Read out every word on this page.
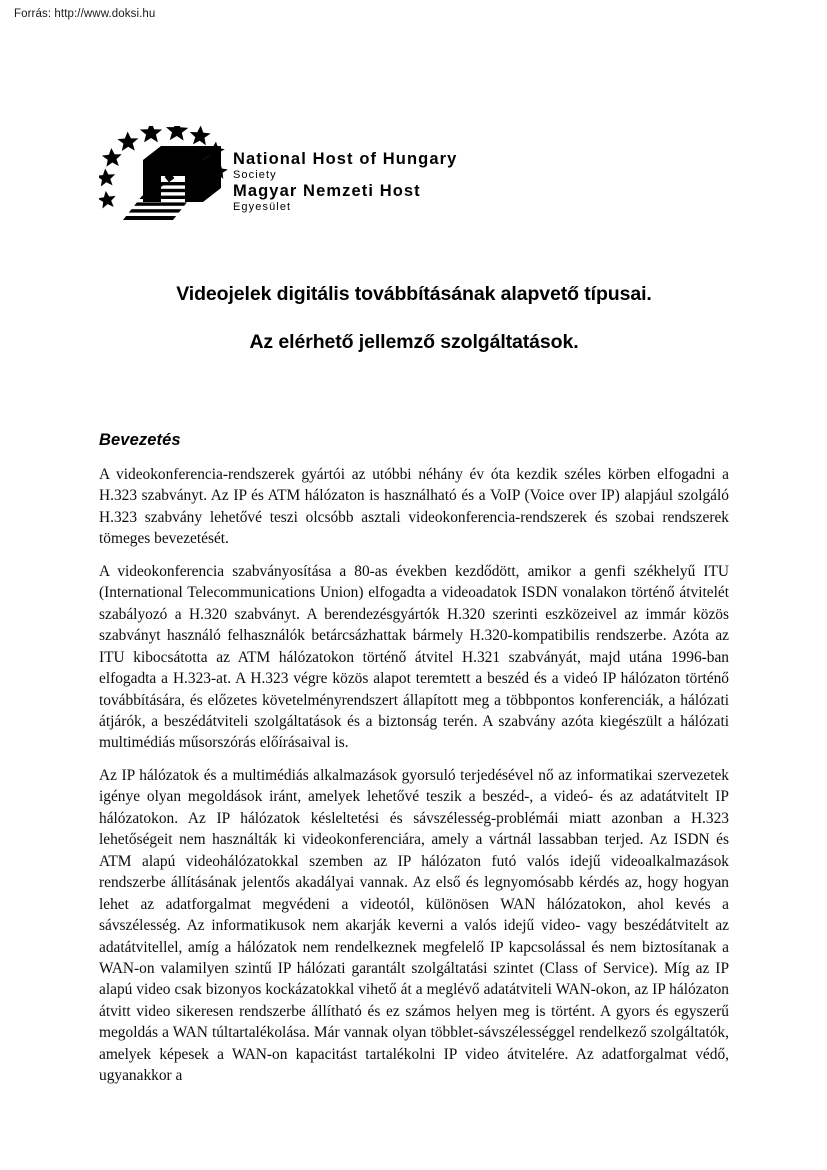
Forrás: http://www.doksi.hu
National Host of Hungary
Society
Magyar Nemzeti Host
Egyesület
Videojelek digitális továbbításának alapvető típusai.
Az elérhető jellemző szolgáltatások.
Bevezetés

A videokonferencia-rendszerek gyártói az utóbbi néhány év óta kezdik széles körben elfogadni a H.323 szabványt. Az IP és ATM hálózaton is használható és a VoIP (Voice over IP) alapjául szolgáló H.323 szabvány lehetővé teszi olcsóbb asztali videokonferencia-rendszerek és szobai rendszerek tömeges bevezetését.

A videokonferencia szabványosítása a 80-as években kezdődött, amikor a genfi székhelyű ITU (International Telecommunications Union) elfogadta a videoadatok ISDN vonalakon történő átvitelét szabályozó a H.320 szabványt. A berendezésgyártók H.320 szerinti eszközeivel az immár közös szabványt használó felhasználók betárcsázhattak bármely H.320-kompatibilis rendszerbe. Azóta az ITU kibocsátotta az ATM hálózatokon történő átvitel H.321 szabványát, majd utána 1996-ban elfogadta a H.323-at. A H.323 végre közös alapot teremtett a beszéd és a videó IP hálózaton történő továbbítására, és előzetes követelményrendszert állapított meg a többpontos konferenciák, a hálózati átjárók, a beszédátviteli szolgáltatások és a biztonság terén. A szabvány azóta kiegészült a hálózati multimédiás műsorszórás előírásaival is.

Az IP hálózatok és a multimédiás alkalmazások gyorsuló terjedésével nő az informatikai szervezetek igénye olyan megoldások iránt, amelyek lehetővé teszik a beszéd-, a videó- és az adatátvitelt IP hálózatokon. Az IP hálózatok késleltetési és sávszélesség-problémái miatt azonban a H.323 lehetőségeit nem használták ki videokonferenciára, amely a vártnál lassabban terjed. Az ISDN és ATM alapú videohálózatokkal szemben az IP hálózaton futó valós idejű videoalkalmazások rendszerbe állításának jelentős akadályai vannak. Az első és legnyomósabb kérdés az, hogy hogyan lehet az adatforgalmat megvédeni a videotól, különösen WAN hálózatokon, ahol kevés a sávszélesség. Az informatikusok nem akarják keverni a valós idejű video- vagy beszédátvitelt az adatátvitellel, amíg a hálózatok nem rendelkeznek megfelelő IP kapcsolással és nem biztosítanak a WAN-on valamilyen szintű IP hálózati garantált szolgáltatási szintet (Class of Service). Míg az IP alapú video csak bizonyos kockázatokkal vihető át a meglévő adatátviteli WAN-okon, az IP hálózaton átvitt video sikeresen rendszerbe állítható és ez számos helyen meg is történt. A gyors és egyszerű megoldás a WAN túltartalékolása. Már vannak olyan többlet-sávszélességgel rendelkező szolgáltatók, amelyek képesek a WAN-on kapacitást tartalékolni IP video átvitelére. Az adatforgalmat védő, ugyanakkor a
